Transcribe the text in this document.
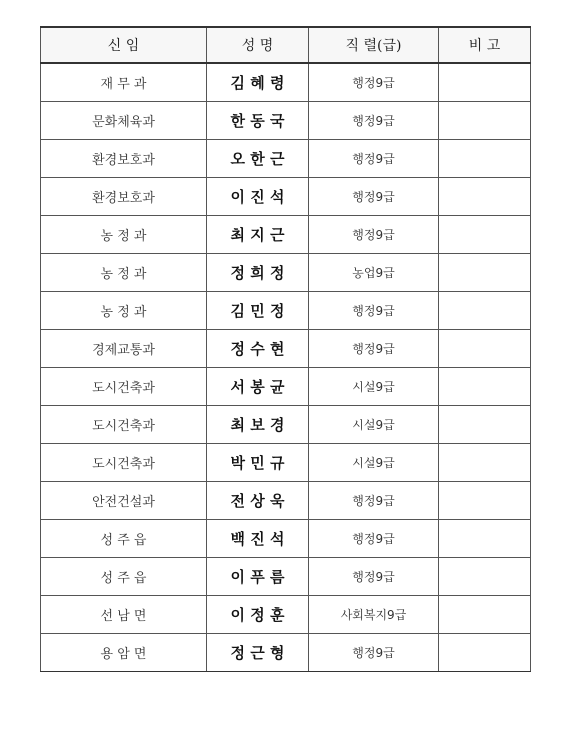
신 임	성 명	직 렬(급)	비 고
재 무 과	김 혜 령	행정9급	
문화체육과	한 동 국	행정9급	
환경보호과	오 한 근	행정9급	
환경보호과	이 진 석	행정9급	
농 정 과	최 지 근	행정9급	
농 정 과	정 희 정	농업9급	
농 정 과	김 민 정	행정9급	
경제교통과	정 수 현	행정9급	
도시건축과	서 봉 균	시설9급	
도시건축과	최 보 경	시설9급	
도시건축과	박 민 규	시설9급	
안전건설과	전 상 욱	행정9급	
성 주 읍	백 진 석	행정9급	
성 주 읍	이 푸 름	행정9급	
선 남 면	이 정 훈	사회복지9급	
용 암 면	정 근 형	행정9급	
